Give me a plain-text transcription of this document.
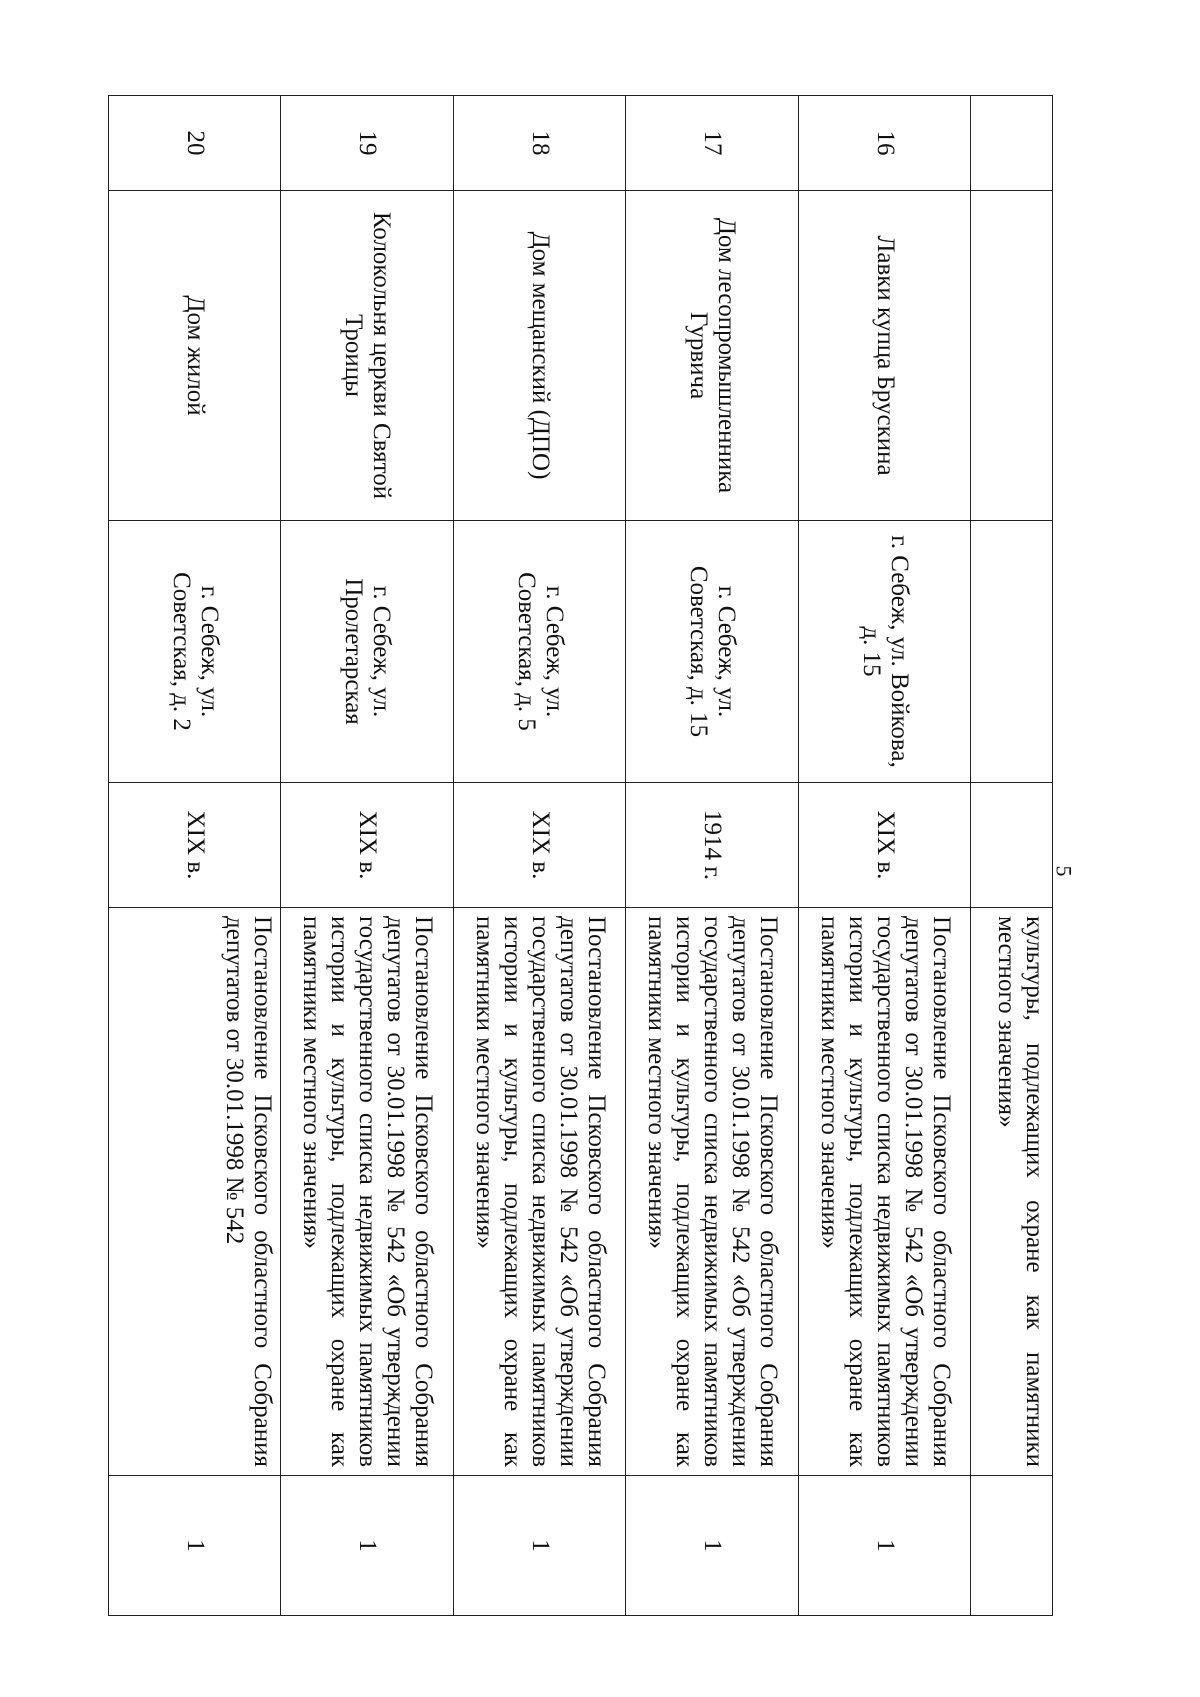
5
				культуры, подлежащих охране как памятники местного значения»	
16	Лавки купца Брускина	г. Себеж, ул. Войкова, д. 15	XIX в.	Постановление Псковского областного Собрания депутатов от 30.01.1998 № 542 «Об утверждении государственного списка недвижимых памятников истории и культуры, подлежащих охране как памятники местного значения»	1
17	Дом лесопромышленника Гурвича	г. Себеж, ул. Советская, д. 15	1914 г.	Постановление Псковского областного Собрания депутатов от 30.01.1998 № 542 «Об утверждении государственного списка недвижимых памятников истории и культуры, подлежащих охране как памятники местного значения»	1
18	Дом мещанский (ДПО)	г. Себеж, ул. Советская, д. 5	XIX в.	Постановление Псковского областного Собрания депутатов от 30.01.1998 № 542 «Об утверждении государственного списка недвижимых памятников истории и культуры, подлежащих охране как памятники местного значения»	1
19	Колокольня церкви Святой Троицы	г. Себеж, ул. Пролетарская	XIX в.	Постановление Псковского областного Собрания депутатов от 30.01.1998 № 542 «Об утверждении государственного списка недвижимых памятников истории и культуры, подлежащих охране как памятники местного значения»	1
20	Дом жилой	г. Себеж, ул. Советская, д. 2	XIX в.	Постановление Псковского областного Собрания депутатов от 30.01.1998 № 542	1
